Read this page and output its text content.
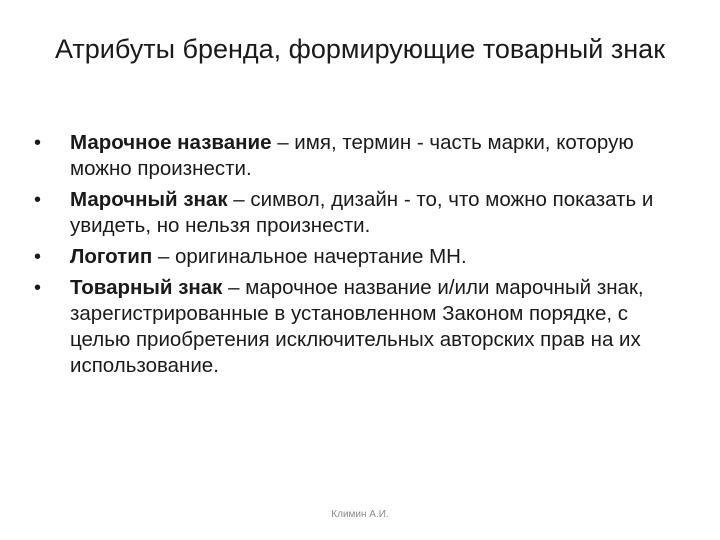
Атрибуты бренда, формирующие товарный знак
•	Марочное название – имя, термин - часть марки, которую можно произнести.
•	Марочный знак – символ, дизайн - то, что можно показать и увидеть, но нельзя произнести.
•	Логотип – оригинальное начертание МН.
•	Товарный знак – марочное название и/или марочный знак, зарегистрированные в установленном Законом порядке, с целью приобретения исключительных авторских прав на их использование.
Климин А.И.
